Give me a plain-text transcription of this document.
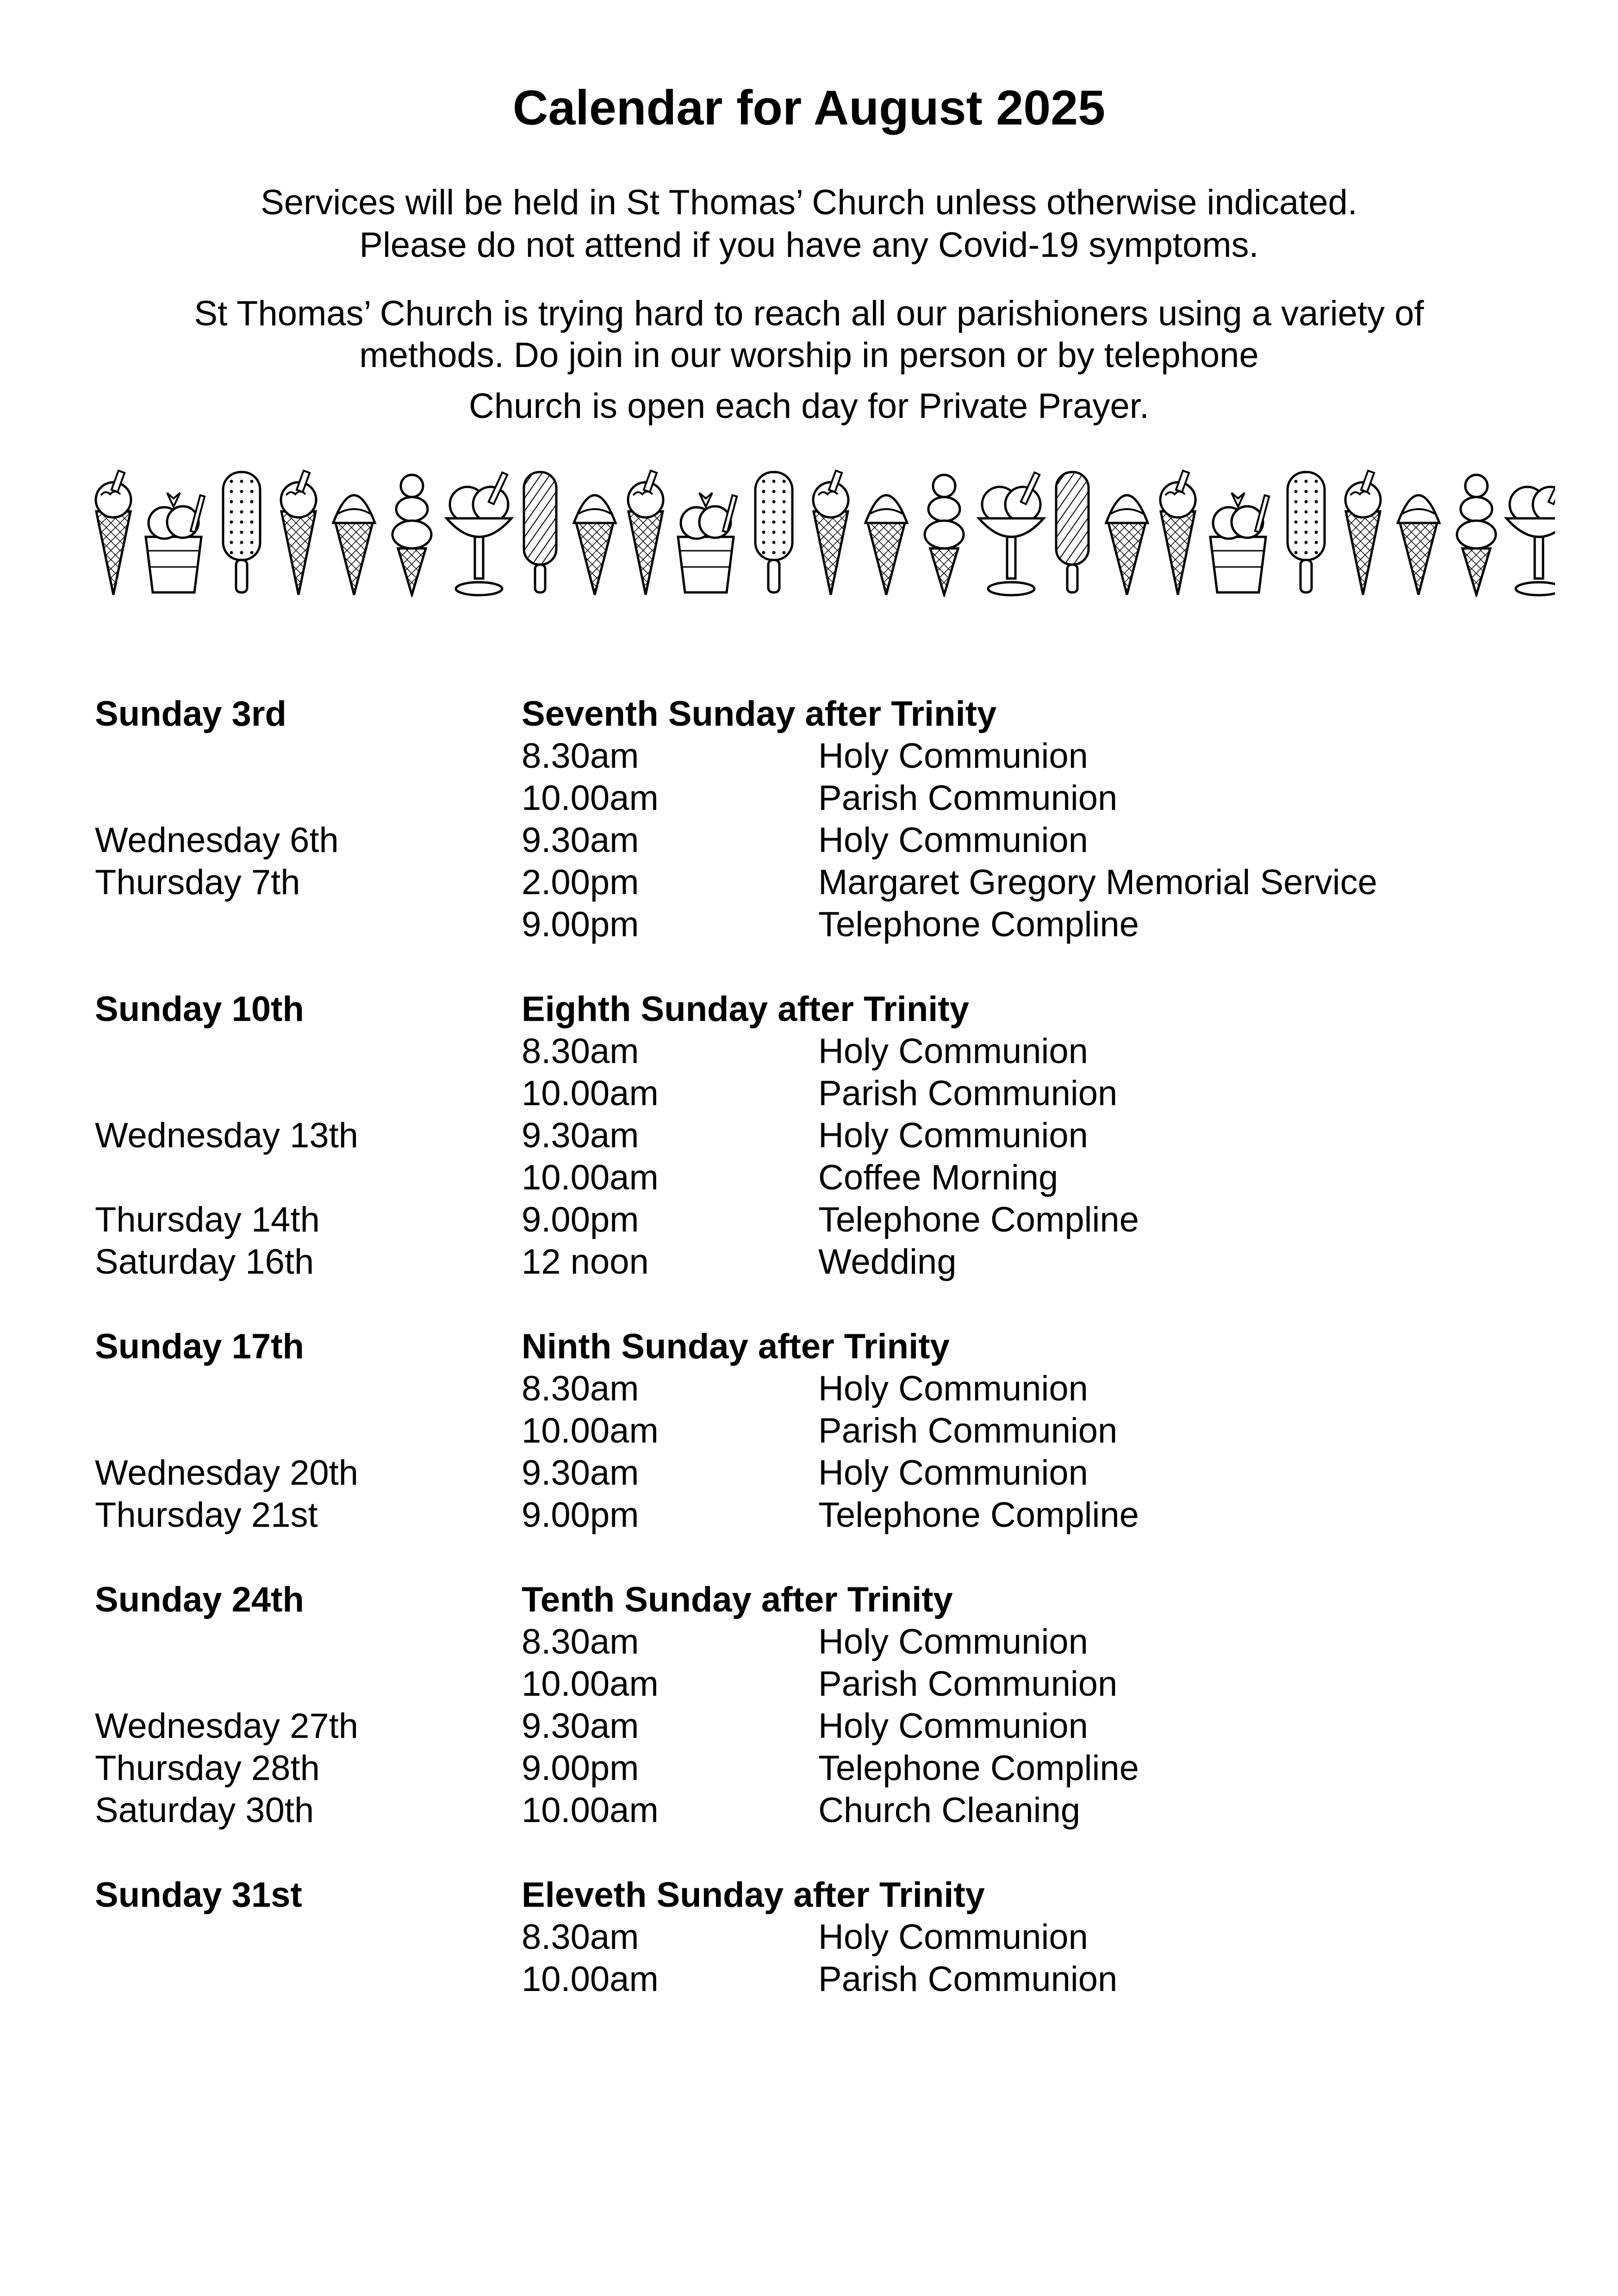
Calendar for August 2025
Services will be held in St Thomas’ Church unless otherwise indicated.
Please do not attend if you have any Covid-19 symptoms.
St Thomas’ Church is trying hard to reach all our parishioners using a variety of
methods. Do join in our worship in person or by telephone
Church is open each day for Private Prayer.
Sunday 3rd	Seventh Sunday after Trinity
8.30am	Holy Communion
10.00am	Parish Communion
Wednesday 6th	9.30am	Holy Communion
Thursday 7th	2.00pm	Margaret Gregory Memorial Service
9.00pm	Telephone Compline
Sunday 10th	Eighth Sunday after Trinity
8.30am	Holy Communion
10.00am	Parish Communion
Wednesday 13th	9.30am	Holy Communion
10.00am	Coffee Morning
Thursday 14th	9.00pm	Telephone Compline
Saturday 16th	12 noon	Wedding
Sunday 17th	Ninth Sunday after Trinity
8.30am	Holy Communion
10.00am	Parish Communion
Wednesday 20th	9.30am	Holy Communion
Thursday 21st	9.00pm	Telephone Compline
Sunday 24th	Tenth Sunday after Trinity
8.30am	Holy Communion
10.00am	Parish Communion
Wednesday 27th	9.30am	Holy Communion
Thursday 28th	9.00pm	Telephone Compline
Saturday 30th	10.00am	Church Cleaning
Sunday 31st	Eleveth Sunday after Trinity
8.30am	Holy Communion
10.00am	Parish Communion
